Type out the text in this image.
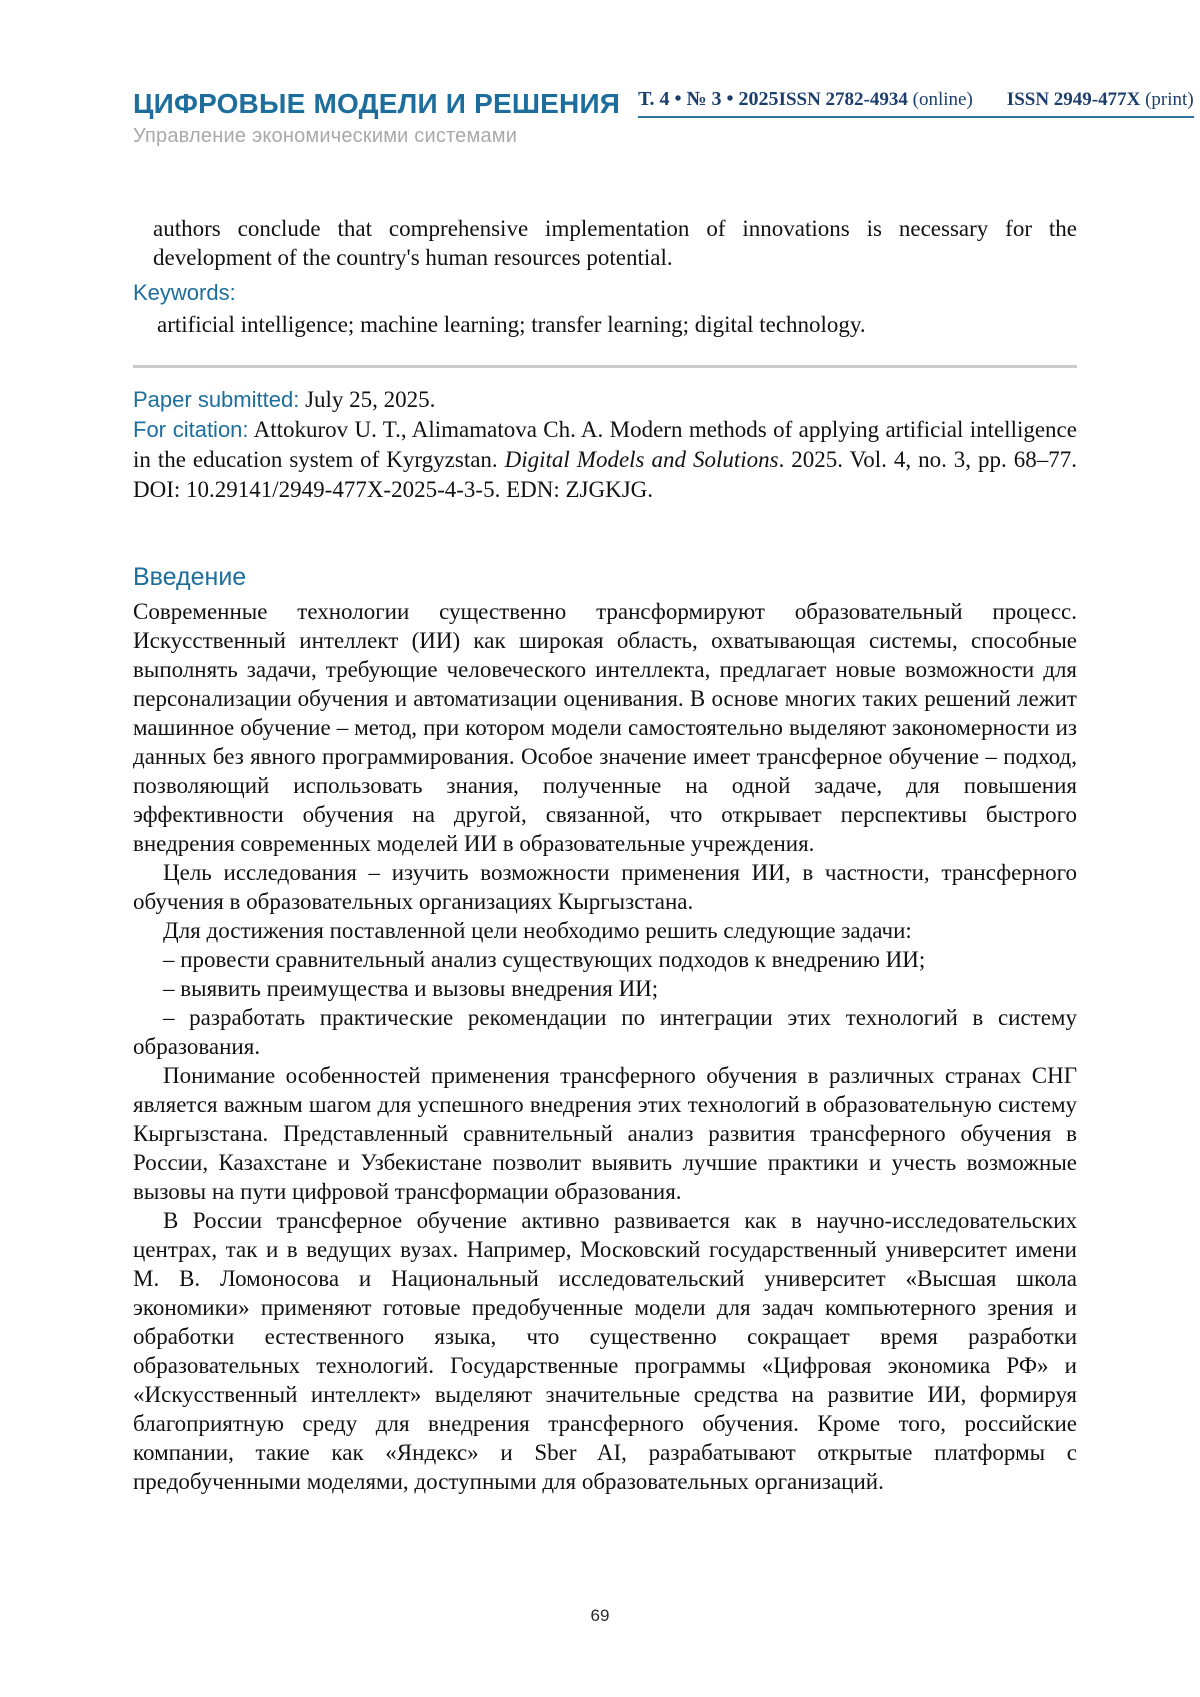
ЦИФРОВЫЕ МОДЕЛИ И РЕШЕНИЯ Т. 4 • № 3 • 2025 ISSN 2782-4934 (online) ISSN 2949-477X (print)
Управление экономическими системами

authors conclude that comprehensive implementation of innovations is necessary for the development of the country's human resources potential.

Keywords:

artificial intelligence; machine learning; transfer learning; digital technology.

Paper submitted: July 25, 2025.

For citation: Attokurov U. T., Alimamatova Ch. A. Modern methods of applying artificial intelligence in the education system of Kyrgyzstan. Digital Models and Solutions. 2025. Vol. 4, no. 3, pp. 68–77. DOI: 10.29141/2949-477X-2025-4-3-5. EDN: ZJGKJG.

Введение

Современные технологии существенно трансформируют образовательный процесс. Искусственный интеллект (ИИ) как широкая область, охватывающая системы, способные выполнять задачи, требующие человеческого интеллекта, предлагает новые возможности для персонализации обучения и автоматизации оценивания. В основе многих таких решений лежит машинное обучение – метод, при котором модели самостоятельно выделяют закономерности из данных без явного программирования. Особое значение имеет трансферное обучение – подход, позволяющий использовать знания, полученные на одной задаче, для повышения эффективности обучения на другой, связанной, что открывает перспективы быстрого внедрения современных моделей ИИ в образовательные учреждения.

Цель исследования – изучить возможности применения ИИ, в частности, трансферного обучения в образовательных организациях Кыргызстана.

Для достижения поставленной цели необходимо решить следующие задачи:

– провести сравнительный анализ существующих подходов к внедрению ИИ;

– выявить преимущества и вызовы внедрения ИИ;

– разработать практические рекомендации по интеграции этих технологий в систему образования.

Понимание особенностей применения трансферного обучения в различных странах СНГ является важным шагом для успешного внедрения этих технологий в образовательную систему Кыргызстана. Представленный сравнительный анализ развития трансферного обучения в России, Казахстане и Узбекистане позволит выявить лучшие практики и учесть возможные вызовы на пути цифровой трансформации образования.

В России трансферное обучение активно развивается как в научно-исследовательских центрах, так и в ведущих вузах. Например, Московский государственный университет имени М. В. Ломоносова и Национальный исследовательский университет «Высшая школа экономики» применяют готовые предобученные модели для задач компьютерного зрения и обработки естественного языка, что существенно сокращает время разработки образовательных технологий. Государственные программы «Цифровая экономика РФ» и «Искусственный интеллект» выделяют значительные средства на развитие ИИ, формируя благоприятную среду для внедрения трансферного обучения. Кроме того, российские компании, такие как «Яндекс» и Sber AI, разрабатывают открытые платформы с предобученными моделями, доступными для образовательных организаций.

69
